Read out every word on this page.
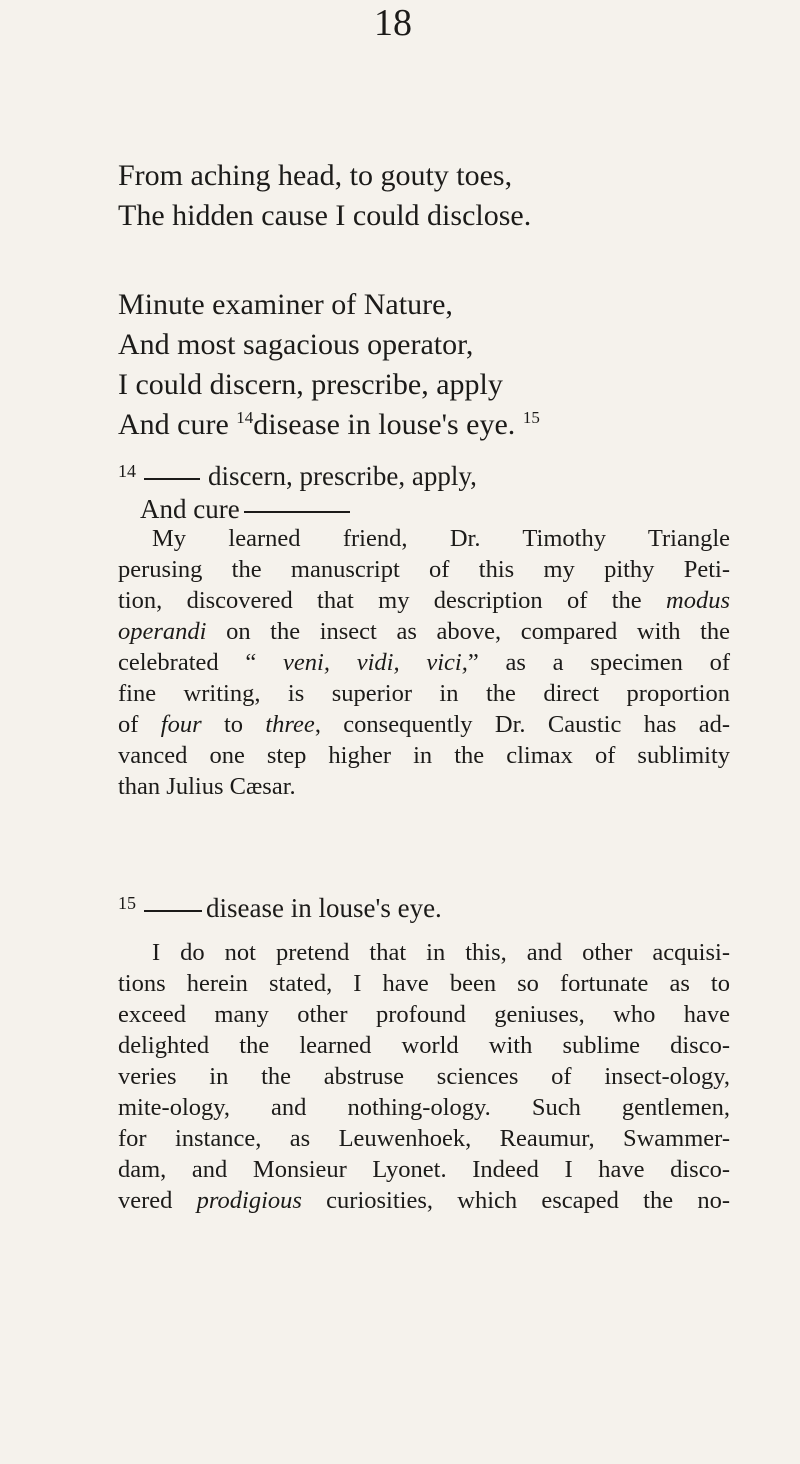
18
From aching head, to gouty toes,
The hidden cause I could disclose.
Minute examiner of Nature,
And most sagacious operator,
I could discern, prescribe, apply
And cure $^{14}$disease in louse's eye. $^{15}$
$^{14}$	discern, prescribe, apply,
And cure
My learned friend, Dr. Timothy Triangle
perusing the manuscript of this my pithy Peti-
tion, discovered that my description of the modus
operandi on the insect as above, compared with the
celebrated “ veni, vidi, vici,” as a specimen of
fine writing, is superior in the direct proportion
of four to three, consequently Dr. Caustic has ad-
vanced one step higher in the climax of sublimity
than Julius Cæsar.
$^{15}$	disease in louse's eye.
I do not pretend that in this, and other acquisi-
tions herein stated, I have been so fortunate as to
exceed many other profound geniuses, who have
delighted the learned world with sublime disco-
veries in the abstruse sciences of insect-ology,
mite-ology, and nothing-ology. Such gentlemen,
for instance, as Leuwenhoek, Reaumur, Swammer-
dam, and Monsieur Lyonet. Indeed I have disco-
vered prodigious curiosities, which escaped the no-
